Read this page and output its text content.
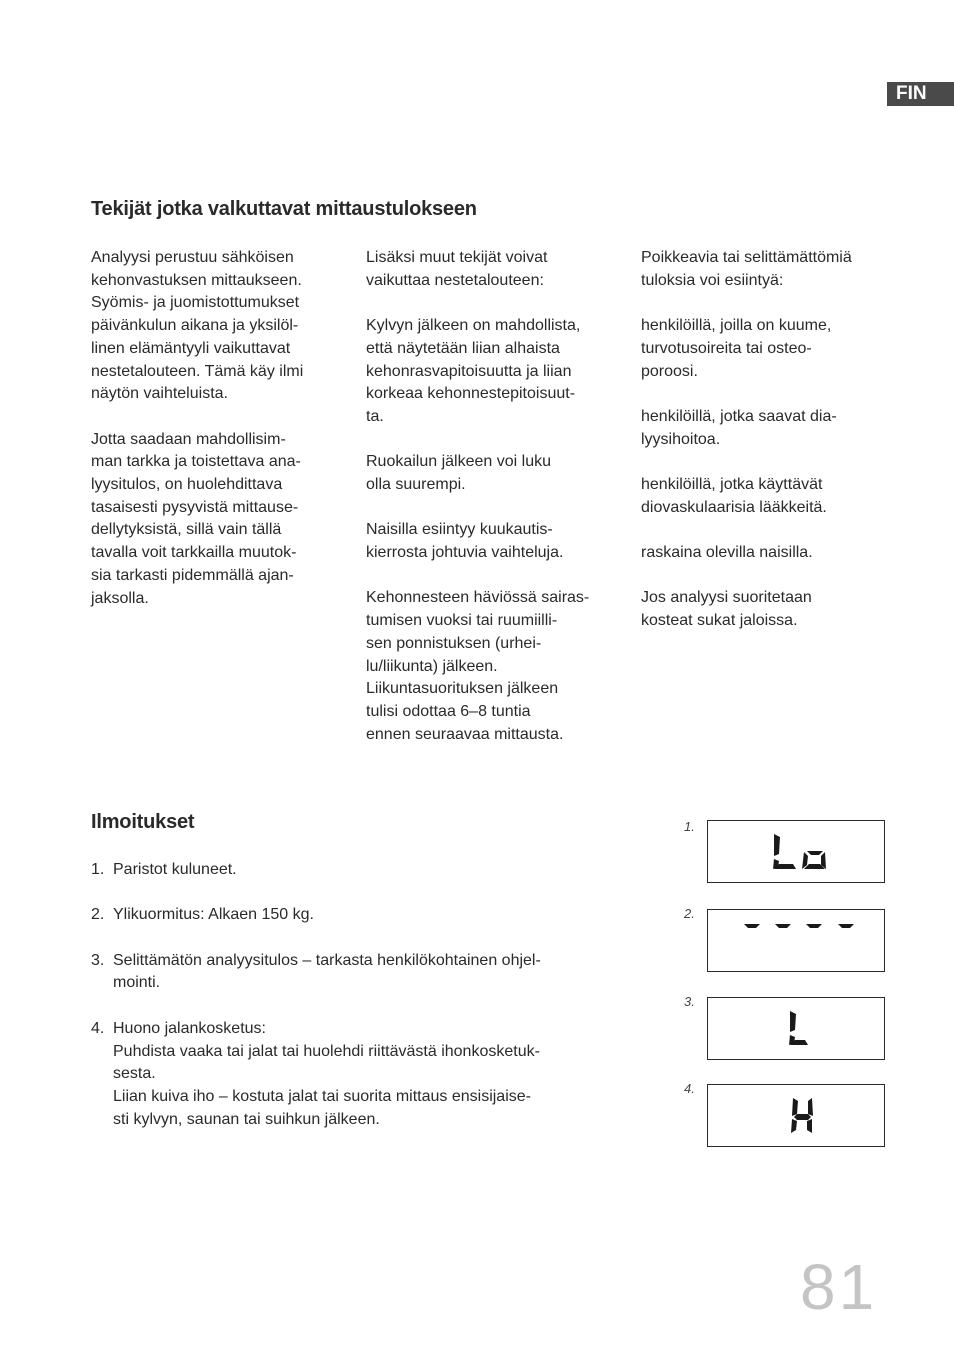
FIN
Tekijät jotka valkuttavat mittaustulokseen

Analyysi perustuu sähköisen
kehonvastuksen mittaukseen.
Syömis- ja juomistottumukset
päivänkulun aikana ja yksilöl-
linen elämäntyyli vaikuttavat
nestetalouteen. Tämä käy ilmi
näytön vaihteluista.

Jotta saadaan mahdollisim-
man tarkka ja toistettava ana-
lyysitulos, on huolehdittava
tasaisesti pysyvistä mittause-
dellytyksistä, sillä vain tällä
tavalla voit tarkkailla muutok-
sia tarkasti pidemmällä ajan-
jaksolla.

Lisäksi muut tekijät voivat
vaikuttaa nestetalouteen:

Kylvyn jälkeen on mahdollista,
että näytetään liian alhaista
kehonrasvapitoisuutta ja liian
korkeaa kehonnestepitoisuut-
ta.

Ruokailun jälkeen voi luku
olla suurempi.

Naisilla esiintyy kuukautis-
kierrosta johtuvia vaihteluja.

Kehonnesteen häviössä sairas-
tumisen vuoksi tai ruumiilli-
sen ponnistuksen (urhei-
lu/liikunta) jälkeen.
Liikuntasuorituksen jälkeen
tulisi odottaa 6–8 tuntia
ennen seuraavaa mittausta.

Poikkeavia tai selittämättömiä
tuloksia voi esiintyä:

henkilöillä, joilla on kuume,
turvotusoireita tai osteo-
poroosi.

henkilöillä, jotka saavat dia-
lyysihoitoa.

henkilöillä, jotka käyttävät
diovaskulaarisia lääkkeitä.

raskaina olevilla naisilla.

Jos analyysi suoritetaan
kosteat sukat jaloissa.

Ilmoitukset
1. Paristot kuluneet.
2. Ylikuormitus: Alkaen 150 kg.
3. Selittämätön analyysitulos – tarkasta henkilökohtainen ohjel-
mointi.
4. Huono jalankosketus:
Puhdista vaaka tai jalat tai huolehdi riittävästä ihonkosketuk-
sesta.
Liian kuiva iho – kostuta jalat tai suorita mittaus ensisijaise-
sti kylvyn, saunan tai suihkun jälkeen.
1.
2.
3.
4.
81
